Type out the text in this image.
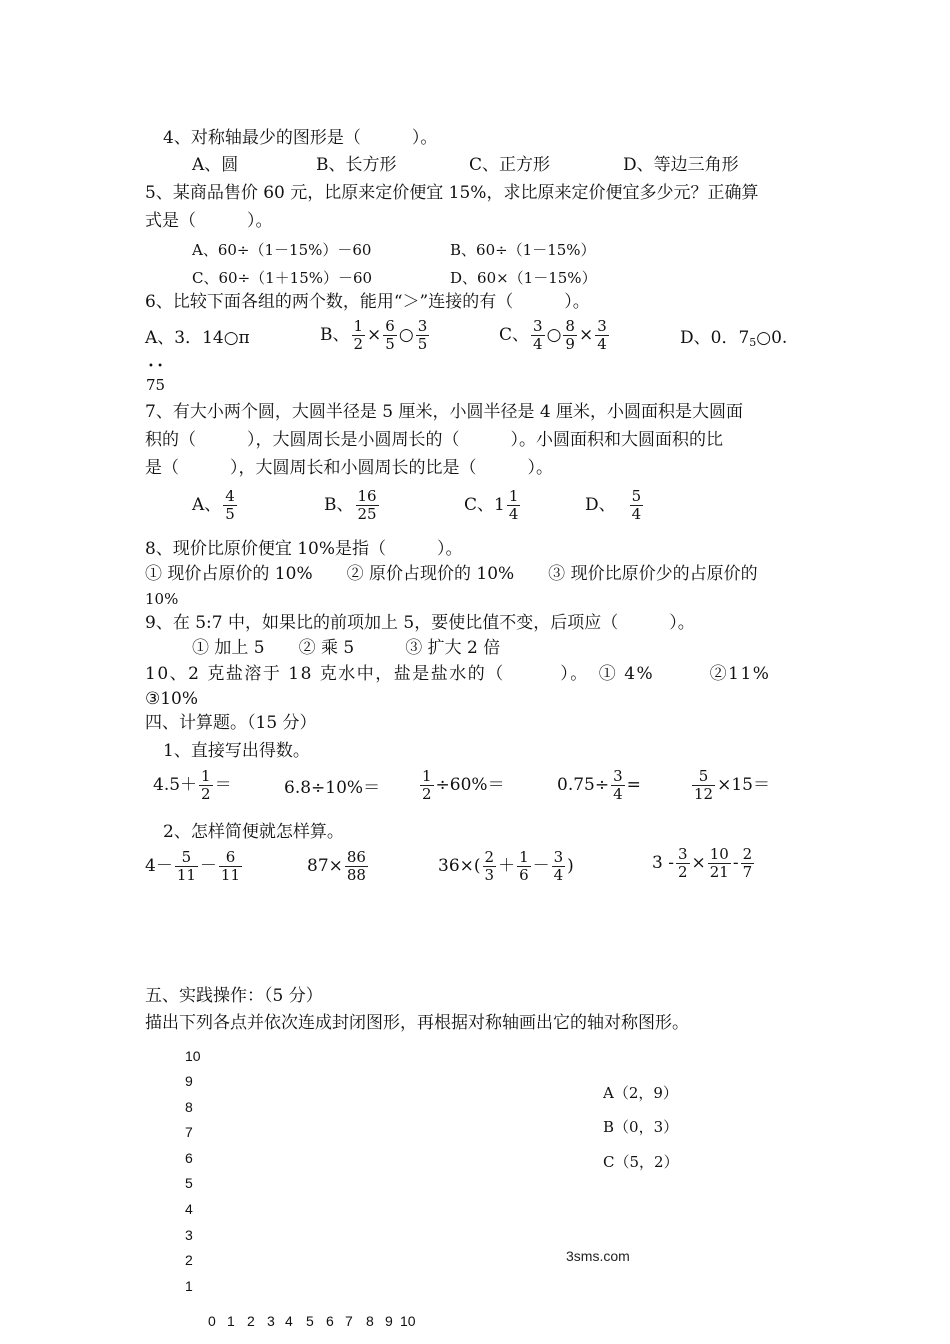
4、对称轴最少的图形是（　　　）。
A、圆	B、长方形	C、正方形	D、等边三角形
5、某商品售价 60 元，比原来定价便宜 15%，求比原来定价便宜多少元？正确算
式是（　　　）。
A、60÷（1－15%）－60	B、60÷（1－15%）
C、60÷（1＋15%）－60	D、60×（1－15%）
6、比较下面各组的两个数，能用“＞”连接的有（　　　）。
A、3．14○π	B、 $\frac{1}{2} \times \frac{6}{5}$ ○ $\frac{3}{5}$	C、 $\frac{3}{4}$ ○ $\frac{8}{9} \times \frac{3}{4}$	D、0．75○0.
• •
75
7、有大小两个圆，大圆半径是 5 厘米，小圆半径是 4 厘米，小圆面积是大圆面
积的（　　　），大圆周长是小圆周长的（　　　）。小圆面积和大圆面积的比
是（　　　），大圆周长和小圆周长的比是（　　　）。
A、 $\frac{4}{5}$	B、 $\frac{16}{25}$	C、$1 \frac{1}{4}$	D、 $\frac{5}{4}$
8、现价比原价便宜 10%是指（　　　）。
① 现价占原价的 10%　　② 原价占现价的 10%　　③ 现价比原价少的占原价的
10%
9、在 5:7 中，如果比的前项加上 5，要使比值不变，后项应（　　　）。
① 加上 5　　② 乘 5　　　③ 扩大 2 倍
10、2 克盐溶于 18 克水中，盐是盐水的（　　　）。　① 4%　　　②11%
③10%
四、计算题。（15 分）
1、直接写出得数。
$4.5+ \frac{1}{2}$ ＝	6.8÷10%＝	$\frac{1}{2} \div 60\%=$	$0.75\div \frac{3}{4}$ =	$\frac{5}{12} \times 15=$
2、怎样简便就怎样算。
$4- \frac{5}{11} - \frac{6}{11}$	$87\times \frac{86}{88}$	$36\times( \frac{2}{3} + \frac{1}{6} - \frac{3}{4}$ )	$3 - \frac{3}{2} \times \frac{10}{21} - \frac{2}{7}$
五、实践操作：（5 分）
描出下列各点并依次连成封闭图形，再根据对称轴画出它的轴对称图形。
10
9
8
7
6
5
4
3
2
1
0 1 2 3 4 5 6 7 8 9 10
A（2，9）
B（0，3）
C（5，2）
3sms.com
